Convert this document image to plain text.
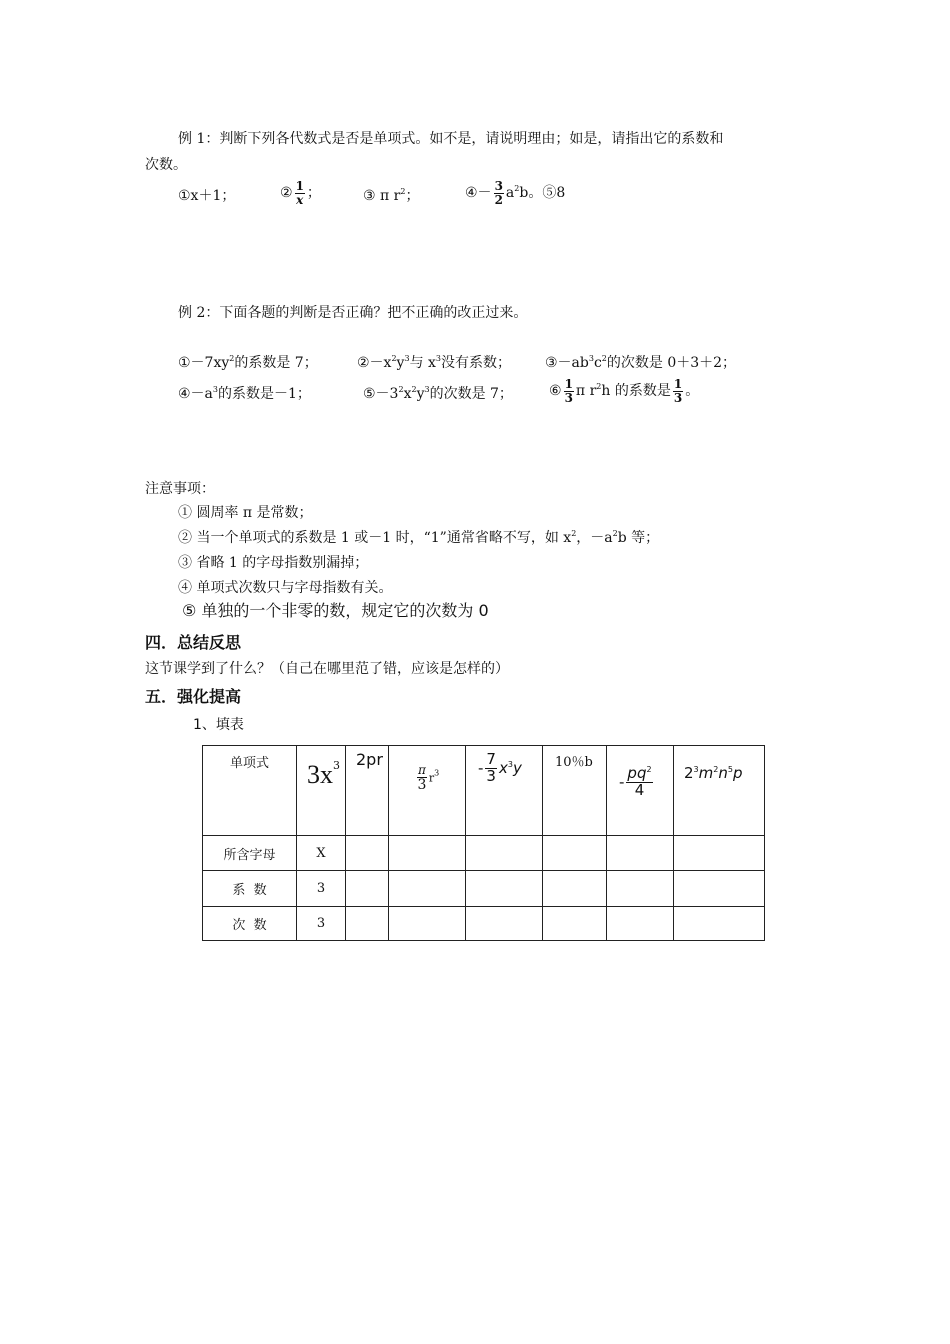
例 1：判断下列各代数式是否是单项式。如不是，请说明理由；如是，请指出它的系数和
次数。
①x＋1；	② $\frac{1}{x}$ ；	③ π $r^2$；	④－ $\frac{3}{2} a^2b$。⑤8
例 2：下面各题的判断是否正确？把不正确的改正过来。
$①-7xy^2$的系数是 7；	$②-x^2y^3$与 $x^3$没有系数； $③-ab^3c^2$的次数是 0＋3＋2；
$④-a^3$的系数是－1；	$⑤-3^2x^2y^3$的次数是 7；	⑥ $\frac{1}{3}$ π $r^2h$ 的系数是 $\frac{1}{3}$ 。
注意事项：
① 圆周率 π 是常数；
② 当一个单项式的系数是 1 或－1 时，“1”通常省略不写，如 $x^2$，$-a^2b$ 等；
③ 省略 1 的字母指数别漏掉；
④ 单项式次数只与字母指数有关。
⑤ 单独的一个非零的数，规定它的次数为 0
四．总结反思
这节课学到了什么？（自己在哪里范了错，应该是怎样的）
五．强化提高
1、填表
单项式	$3x^3$	2pr	$\frac{\pi}{3} r^3$	- $\frac{7}{3} x^3y$	10％b	- $\frac{pq^2}{4}$	$2^3m^2n^5p$

所含字母	X						
系  数	3						
次  数	3						
